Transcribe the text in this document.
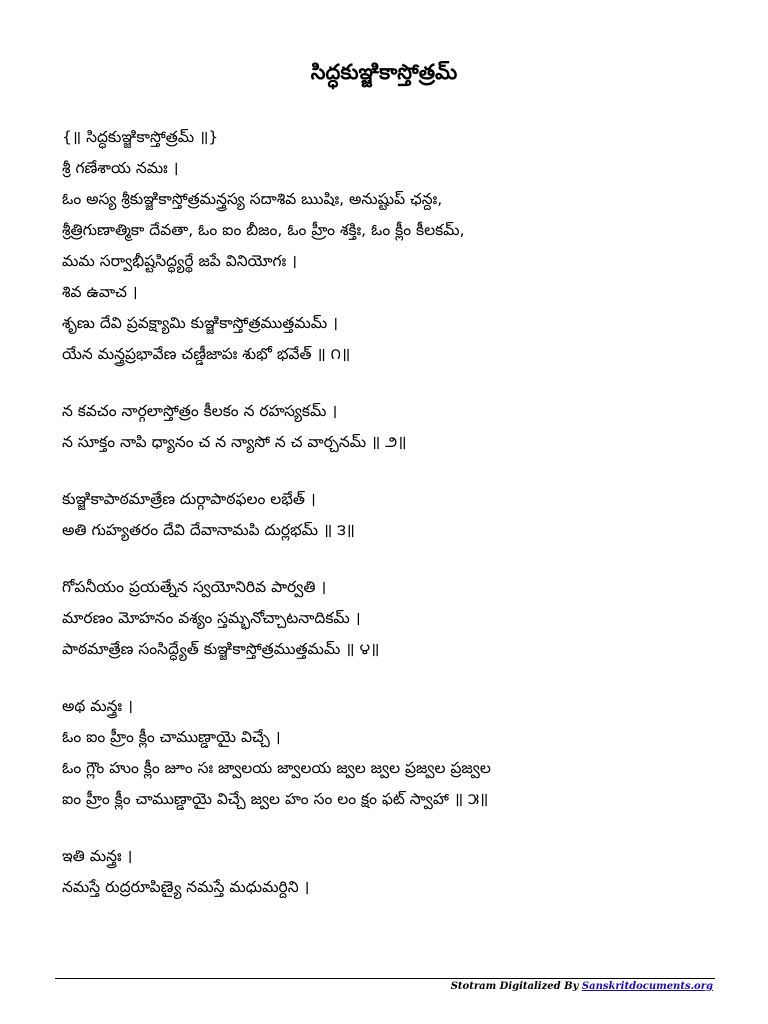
సిద్ధకుఞ్జికాస్తోత్రమ్
{॥ సిద్ధకుఞ్జికాస్తోత్రమ్ ॥}
శ్రీ గణేశాయ నమః ।
ఓం అస్య శ్రీకుఞ్జికాస్తోత్రమన్త్రస్య సదాశివ ఋషిః, అనుష్టుప్ ఛన్దః,
శ్రీత్రిగుణాత్మికా దేవతా, ఓం ఐం బీజం, ఓం హ్రీం శక్తిః, ఓం క్లీం కీలకమ్,
మమ సర్వాభీష్టసిద్ధ్యర్థే జపే వినియోగః ।
శివ ఉవాచ ।
శృణు దేవి ప్రవక్ష్యామి కుఞ్జికాస్తోత్రముత్తమమ్ ।
యేన మన్త్రప్రభావేణ చణ్డీజాపః శుభో భవేత్ ॥ ౧॥
న కవచం నార్గలాస్తోత్రం కీలకం న రహస్యకమ్ ।
న సూక్తం నాపి ధ్యానం చ న న్యాసో న చ వార్చనమ్ ॥ ౨॥
కుఞ్జికాపాఠమాత్రేణ దుర్గాపాఠఫలం లభేత్ ।
అతి గుహ్యతరం దేవి దేవానామపి దుర్లభమ్ ॥ ౩॥
గోపనీయం ప్రయత్నేన స్వయోనిరివ పార్వతి ।
మారణం మోహనం వశ్యం స్తమ్భనోచ్చాటనాదికమ్ ।
పాఠమాత్రేణ సంసిద్ధ్యేత్ కుఞ్జికాస్తోత్రముత్తమమ్ ॥ ౪॥
అథ మన్త్రః ।
ఓం ఐం హ్రీం క్లీం చాముణ్డాయై విచ్చే ।
ఓం గ్లౌం హుం క్లీం జూం సః జ్వాలయ జ్వాలయ జ్వల జ్వల ప్రజ్వల ప్రజ్వల
ఐం హ్రీం క్లీం చాముణ్డాయై విచ్చే జ్వల హం సం లం క్షం ఫట్ స్వాహా ॥ ౫॥
ఇతి మన్త్రః ।
నమస్తే రుద్రరూపిణ్యై నమస్తే మధుమర్దిని ।
Stotram Digitalized By Sanskritdocuments.org
